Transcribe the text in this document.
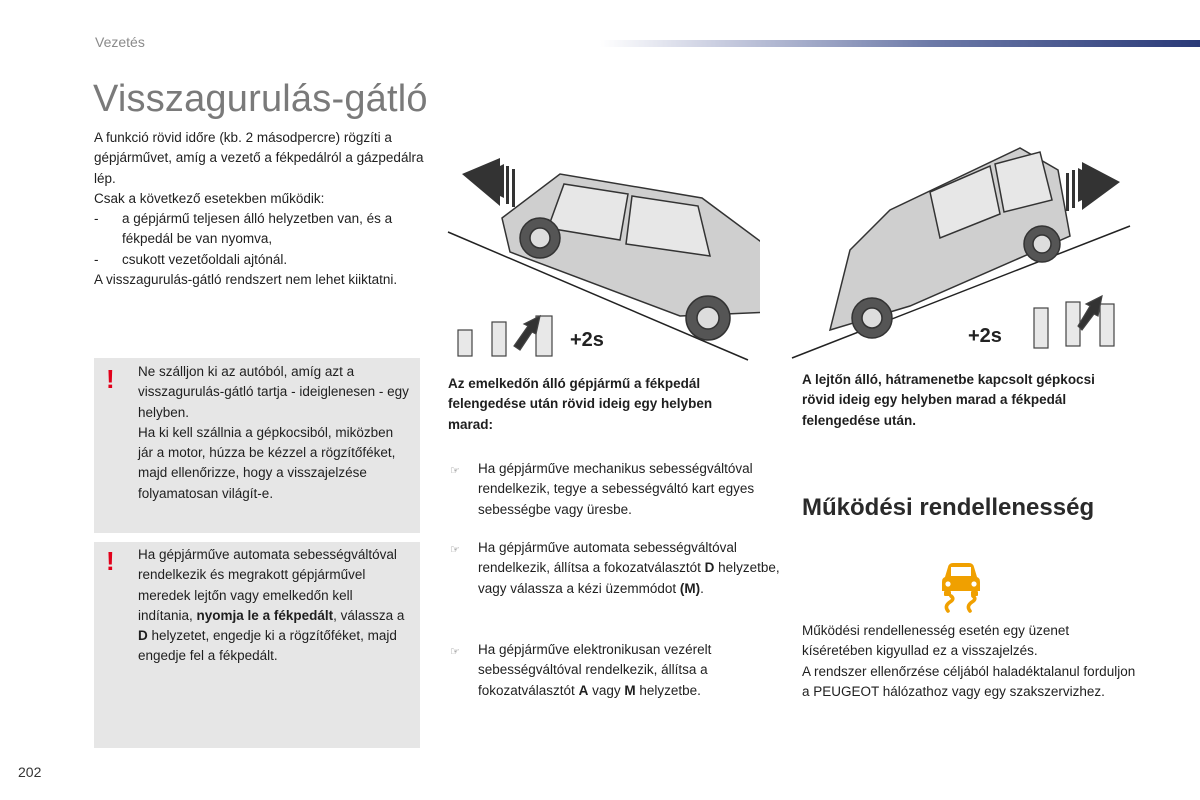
Vezetés
Visszagurulás-gátló

A funkció rövid időre (kb. 2 másodpercre) rögzíti a gépjárművet, amíg a vezető a fékpedálról a gázpedálra lép.

Csak a következő esetekben működik:

-	a gépjármű teljesen álló helyzetben van, és a fékpedál be van nyomva,
-	csukott vezetőoldali ajtónál.

A visszagurulás-gátló rendszert nem lehet kiiktatni.

! Ne szálljon ki az autóból, amíg azt a visszagurulás-gátló tartja - ideiglenesen - egy helyben.

Ha ki kell szállnia a gépkocsiból, miközben jár a motor, húzza be kézzel a rögzítőféket, majd ellenőrizze, hogy a visszajelzése folyamatosan világít-e.

! Ha gépjárműve automata sebességváltóval rendelkezik és megrakott gépjárművel meredek lejtőn vagy emelkedőn kell indítania, nyomja le a fékpedált, válassza a D helyzetet, engedje ki a rögzítőféket, majd engedje fel a fékpedált.
+2s	+2s
Az emelkedőn álló gépjármű a fékpedál felengedése után rövid ideig egy helyben marad:
A lejtőn álló, hátramenetbe kapcsolt gépkocsi rövid ideig egy helyben marad a fékpedál felengedése után.
☞	Ha gépjárműve mechanikus sebességváltóval rendelkezik, tegye a sebességváltó kart egyes sebességbe vagy üresbe.
☞	Ha gépjárműve automata sebességváltóval rendelkezik, állítsa a fokozatválasztót D helyzetbe, vagy válassza a kézi üzemmódot (M).
☞	Ha gépjárműve elektronikusan vezérelt sebességváltóval rendelkezik, állítsa a fokozatválasztót A vagy M helyzetbe.
Működési rendellenesség

Működési rendellenesség esetén egy üzenet kíséretében kigyullad ez a visszajelzés.

A rendszer ellenőrzése céljából haladéktalanul forduljon a PEUGEOT hálózathoz vagy egy szakszervizhez.

202
